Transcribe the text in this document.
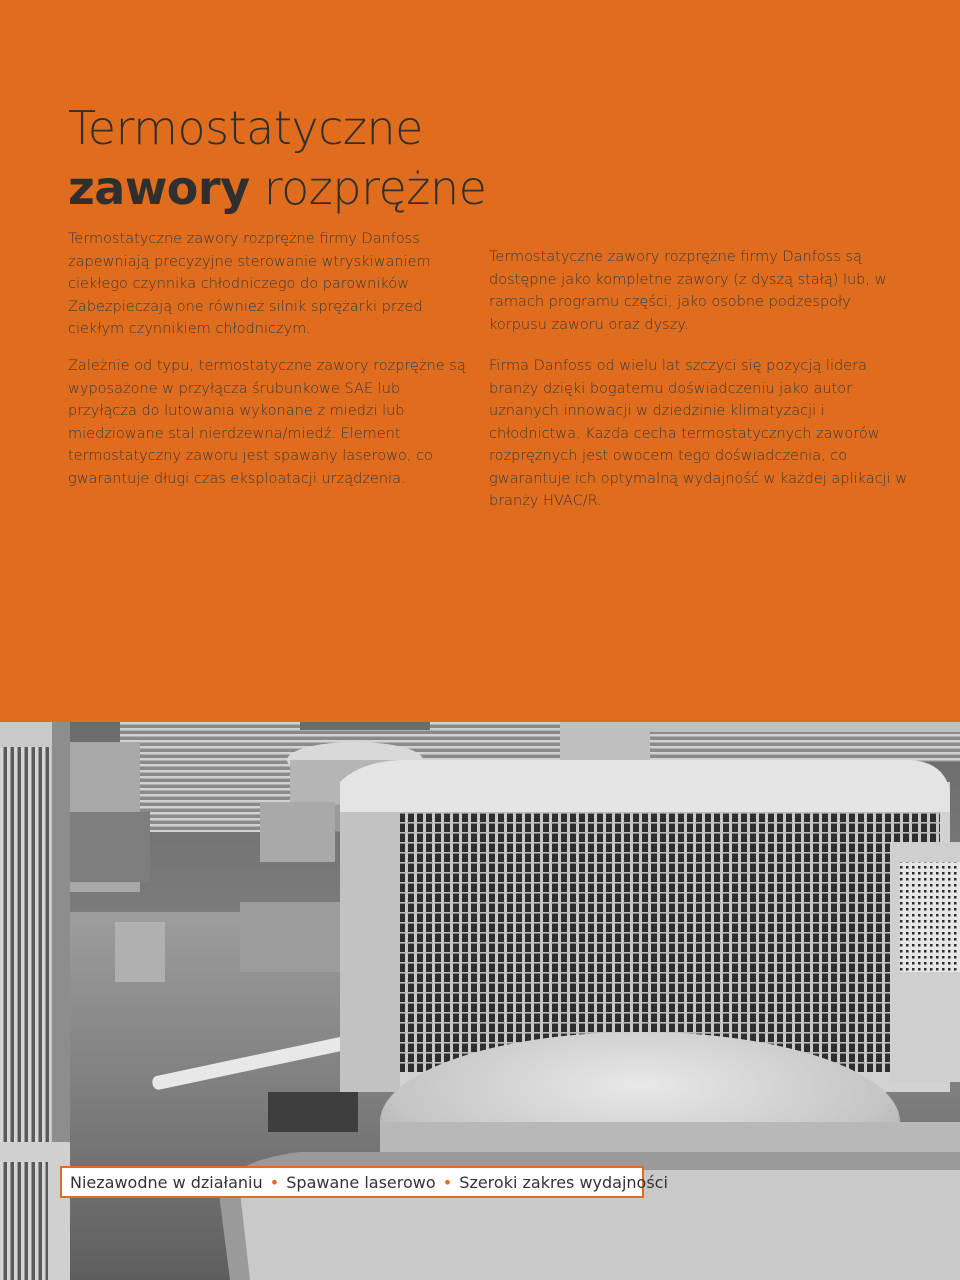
Termostatyczne
zawory rozprężne

Termostatyczne zawory rozprężne firmy Danfoss zapewniają precyzyjne sterowanie wtryskiwaniem ciekłego czynnika chłodniczego do parowników Zabezpieczają one również silnik sprężarki przed ciekłym czynnikiem chłodniczym.

Zależnie od typu, termostatyczne zawory rozprężne są wyposażone w przyłącza śrubunkowe SAE lub przyłącza do lutowania wykonane z miedzi lub miedziowane stal nierdzewna/miedź. Element termostatyczny zaworu jest spawany laserowo, co gwarantuje długi czas eksploatacji urządzenia.

Termostatyczne zawory rozprężne firmy Danfoss są dostępne jako kompletne zawory (z dyszą stałą) lub, w ramach programu części, jako osobne podzespoły korpusu zaworu oraz dyszy.

Firma Danfoss od wielu lat szczyci się pozycją lidera branży dzięki bogatemu doświadczeniu jako autor uznanych innowacji w dziedzinie klimatyzacji i chłodnictwa. Każda cecha termostatycznych zaworów rozprężnych jest owocem tego doświadczenia, co gwarantuje ich optymalną wydajność w każdej aplikacji w branży HVAC/R.

Niezawodne w działaniu • Spawane laserowo • Szeroki zakres wydajności
